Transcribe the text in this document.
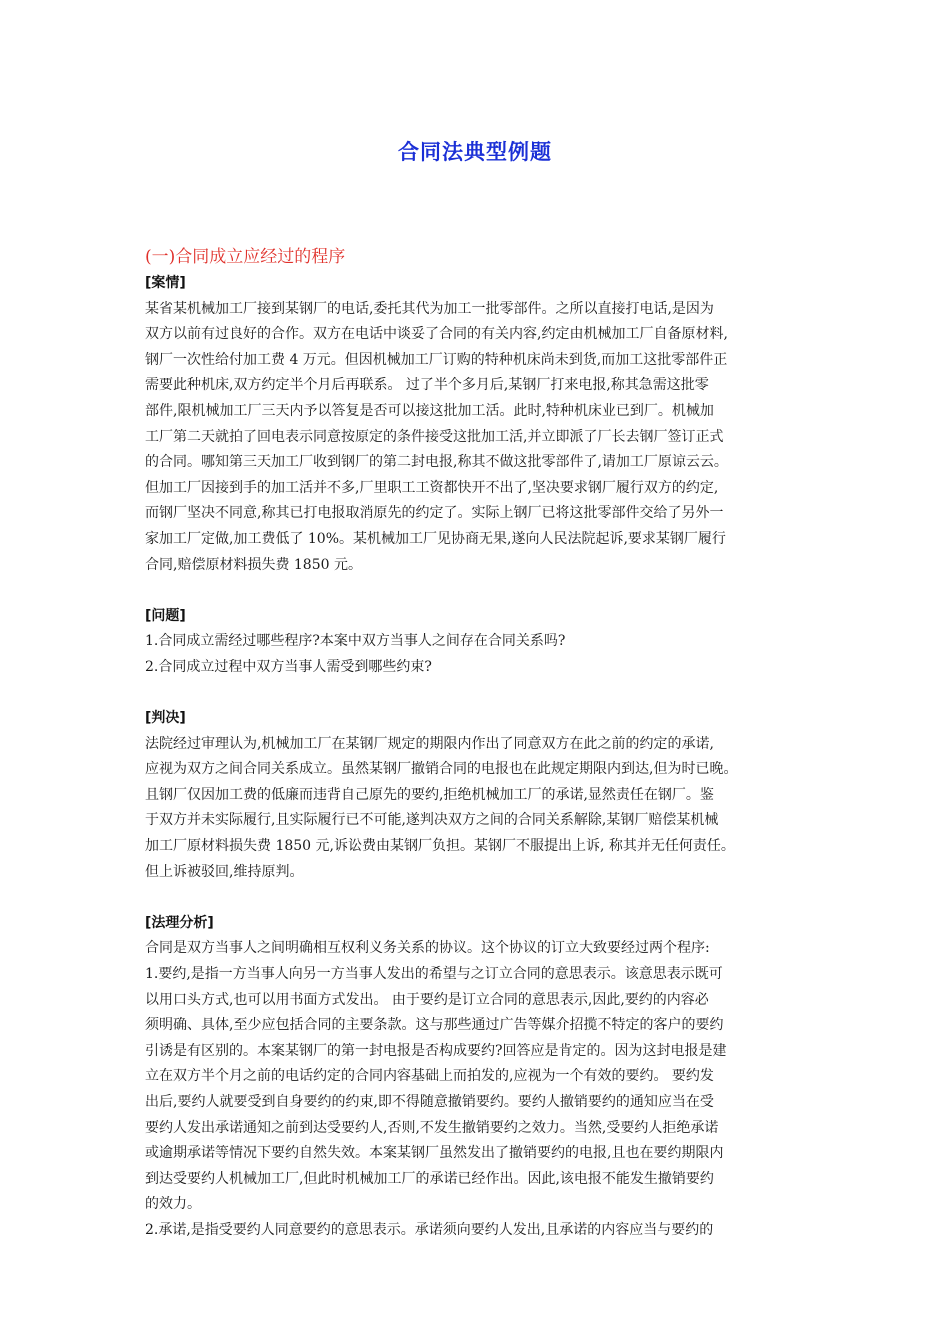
合同法典型例题
(一)合同成立应经过的程序
[案情]
某省某机械加工厂接到某钢厂的电话,委托其代为加工一批零部件。之所以直接打电话,是因为
双方以前有过良好的合作。双方在电话中谈妥了合同的有关内容,约定由机械加工厂自备原材料,
钢厂一次性给付加工费 4 万元。但因机械加工厂订购的特种机床尚未到货,而加工这批零部件正
需要此种机床,双方约定半个月后再联系。 过了半个多月后,某钢厂打来电报,称其急需这批零
部件,限机械加工厂三天内予以答复是否可以接这批加工活。此时,特种机床业已到厂。机械加
工厂第二天就拍了回电表示同意按原定的条件接受这批加工活,并立即派了厂长去钢厂签订正式
的合同。哪知第三天加工厂收到钢厂的第二封电报,称其不做这批零部件了,请加工厂原谅云云。
但加工厂因接到手的加工活并不多,厂里职工工资都快开不出了,坚决要求钢厂履行双方的约定,
而钢厂坚决不同意,称其已打电报取消原先的约定了。实际上钢厂已将这批零部件交给了另外一
家加工厂定做,加工费低了 10%。某机械加工厂见协商无果,遂向人民法院起诉,要求某钢厂履行
合同,赔偿原材料损失费 1850 元。
[问题]
1.合同成立需经过哪些程序?本案中双方当事人之间存在合同关系吗?
2.合同成立过程中双方当事人需受到哪些约束?
[判决]
法院经过审理认为,机械加工厂在某钢厂规定的期限内作出了同意双方在此之前的约定的承诺,
应视为双方之间合同关系成立。虽然某钢厂撤销合同的电报也在此规定期限内到达,但为时已晚。
且钢厂仅因加工费的低廉而违背自己原先的要约,拒绝机械加工厂的承诺,显然责任在钢厂。鉴
于双方并未实际履行,且实际履行已不可能,遂判决双方之间的合同关系解除,某钢厂赔偿某机械
加工厂原材料损失费 1850 元,诉讼费由某钢厂负担。某钢厂不服提出上诉, 称其并无任何责任。
但上诉被驳回,维持原判。
[法理分析]
合同是双方当事人之间明确相互权利义务关系的协议。这个协议的订立大致要经过两个程序:
1.要约,是指一方当事人向另一方当事人发出的希望与之订立合同的意思表示。该意思表示既可
以用口头方式,也可以用书面方式发出。 由于要约是订立合同的意思表示,因此,要约的内容必
须明确、具体,至少应包括合同的主要条款。这与那些通过广告等媒介招揽不特定的客户的要约
引诱是有区别的。本案某钢厂的第一封电报是否构成要约?回答应是肯定的。因为这封电报是建
立在双方半个月之前的电话约定的合同内容基础上而拍发的,应视为一个有效的要约。 要约发
出后,要约人就要受到自身要约的约束,即不得随意撤销要约。要约人撤销要约的通知应当在受
要约人发出承诺通知之前到达受要约人,否则,不发生撤销要约之效力。当然,受要约人拒绝承诺
或逾期承诺等情况下要约自然失效。本案某钢厂虽然发出了撤销要约的电报,且也在要约期限内
到达受要约人机械加工厂,但此时机械加工厂的承诺已经作出。因此,该电报不能发生撤销要约
的效力。
2.承诺,是指受要约人同意要约的意思表示。承诺须向要约人发出,且承诺的内容应当与要约的
